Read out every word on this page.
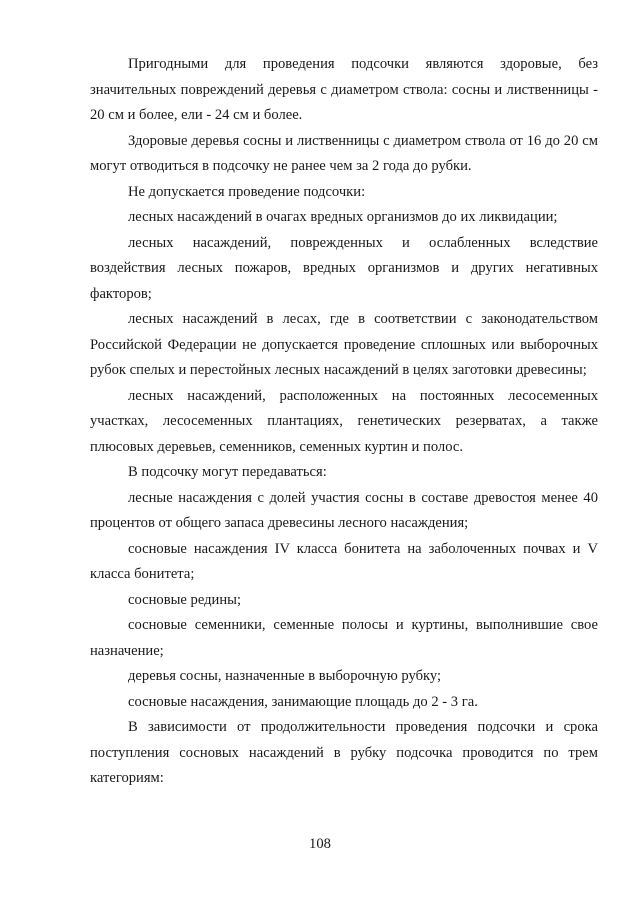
Пригодными для проведения подсочки являются здоровые, без значительных повреждений деревья с диаметром ствола: сосны и лиственницы - 20 см и более, ели - 24 см и более.

Здоровые деревья сосны и лиственницы с диаметром ствола от 16 до 20 см могут отводиться в подсочку не ранее чем за 2 года до рубки.

Не допускается проведение подсочки:

лесных насаждений в очагах вредных организмов до их ликвидации;

лесных насаждений, поврежденных и ослабленных вследствие воздействия лесных пожаров, вредных организмов и других негативных факторов;

лесных насаждений в лесах, где в соответствии с законодательством Российской Федерации не допускается проведение сплошных или выборочных рубок спелых и перестойных лесных насаждений в целях заготовки древесины;

лесных насаждений, расположенных на постоянных лесосеменных участках, лесосеменных плантациях, генетических резерватах, а также плюсовых деревьев, семенников, семенных куртин и полос.

В подсочку могут передаваться:

лесные насаждения с долей участия сосны в составе древостоя менее 40 процентов от общего запаса древесины лесного насаждения;

сосновые насаждения IV класса бонитета на заболоченных почвах и V класса бонитета;

сосновые редины;

сосновые семенники, семенные полосы и куртины, выполнившие свое назначение;

деревья сосны, назначенные в выборочную рубку;

сосновые насаждения, занимающие площадь до 2 - 3 га.

В зависимости от продолжительности проведения подсочки и срока поступления сосновых насаждений в рубку подсочка проводится по трем категориям:

108
